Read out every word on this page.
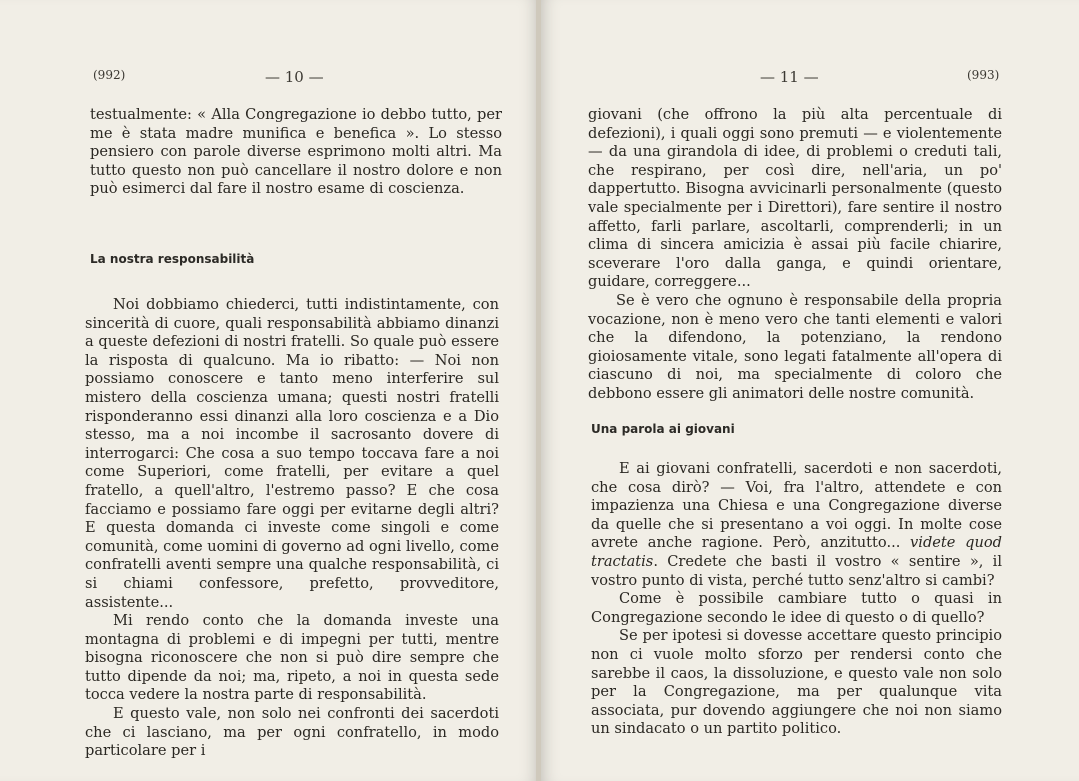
(992)	— 10 —

testualmente: « Alla Congregazione io debbo tutto, per me è stata madre munifica e benefica ». Lo stesso pensiero con parole diverse esprimono molti altri. Ma tutto questo non può cancellare il nostro dolore e non può esimerci dal fare il nostro esame di coscienza.

La nostra responsabilità

Noi dobbiamo chiederci, tutti indistintamente, con sincerità di cuore, quali responsabilità abbiamo dinanzi a queste defezioni di nostri fratelli. So quale può essere la risposta di qualcuno. Ma io ribatto: — Noi non possiamo conoscere e tanto meno interferire sul mistero della coscienza umana; questi nostri fratelli risponderanno essi dinanzi alla loro coscienza e a Dio stesso, ma a noi incombe il sacrosanto dovere di interrogarci: Che cosa a suo tempo toccava fare a noi come Superiori, come fratelli, per evitare a quel fratello, a quell'altro, l'estremo passo? E che cosa facciamo e possiamo fare oggi per evitarne degli altri? E questa domanda ci investe come singoli e come comunità, come uomini di governo ad ogni livello, come confratelli aventi sempre una qualche responsabilità, ci si chiami confessore, prefetto, provveditore, assistente...

Mi rendo conto che la domanda investe una montagna di problemi e di impegni per tutti, mentre bisogna riconoscere che non si può dire sempre che tutto dipende da noi; ma, ripeto, a noi in questa sede tocca vedere la nostra parte di responsabilità.

E questo vale, non solo nei confronti dei sacerdoti che ci lasciano, ma per ogni confratello, in modo particolare per i

— 11 —	(993)

giovani (che offrono la più alta percentuale di defezioni), i quali oggi sono premuti — e violentemente — da una girandola di idee, di problemi o creduti tali, che respirano, per così dire, nell'aria, un po' dappertutto. Bisogna avvicinarli personalmente (questo vale specialmente per i Direttori), fare sentire il nostro affetto, farli parlare, ascoltarli, comprenderli; in un clima di sincera amicizia è assai più facile chiarire, sceverare l'oro dalla ganga, e quindi orientare, guidare, correggere...

Se è vero che ognuno è responsabile della propria vocazione, non è meno vero che tanti elementi e valori che la difendono, la potenziano, la rendono gioiosamente vitale, sono legati fatalmente all'opera di ciascuno di noi, ma specialmente di coloro che debbono essere gli animatori delle nostre comunità.

Una parola ai giovani

E ai giovani confratelli, sacerdoti e non sacerdoti, che cosa dirò? — Voi, fra l'altro, attendete e con impazienza una Chiesa e una Congregazione diverse da quelle che si presentano a voi oggi. In molte cose avrete anche ragione. Però, anzitutto... videte quod tractatis. Credete che basti il vostro « sentire », il vostro punto di vista, perché tutto senz'altro si cambi?

Come è possibile cambiare tutto o quasi in Congregazione secondo le idee di questo o di quello?

Se per ipotesi si dovesse accettare questo principio non ci vuole molto sforzo per rendersi conto che sarebbe il caos, la dissoluzione, e questo vale non solo per la Congregazione, ma per qualunque vita associata, pur dovendo aggiungere che noi non siamo un sindacato o un partito politico.
